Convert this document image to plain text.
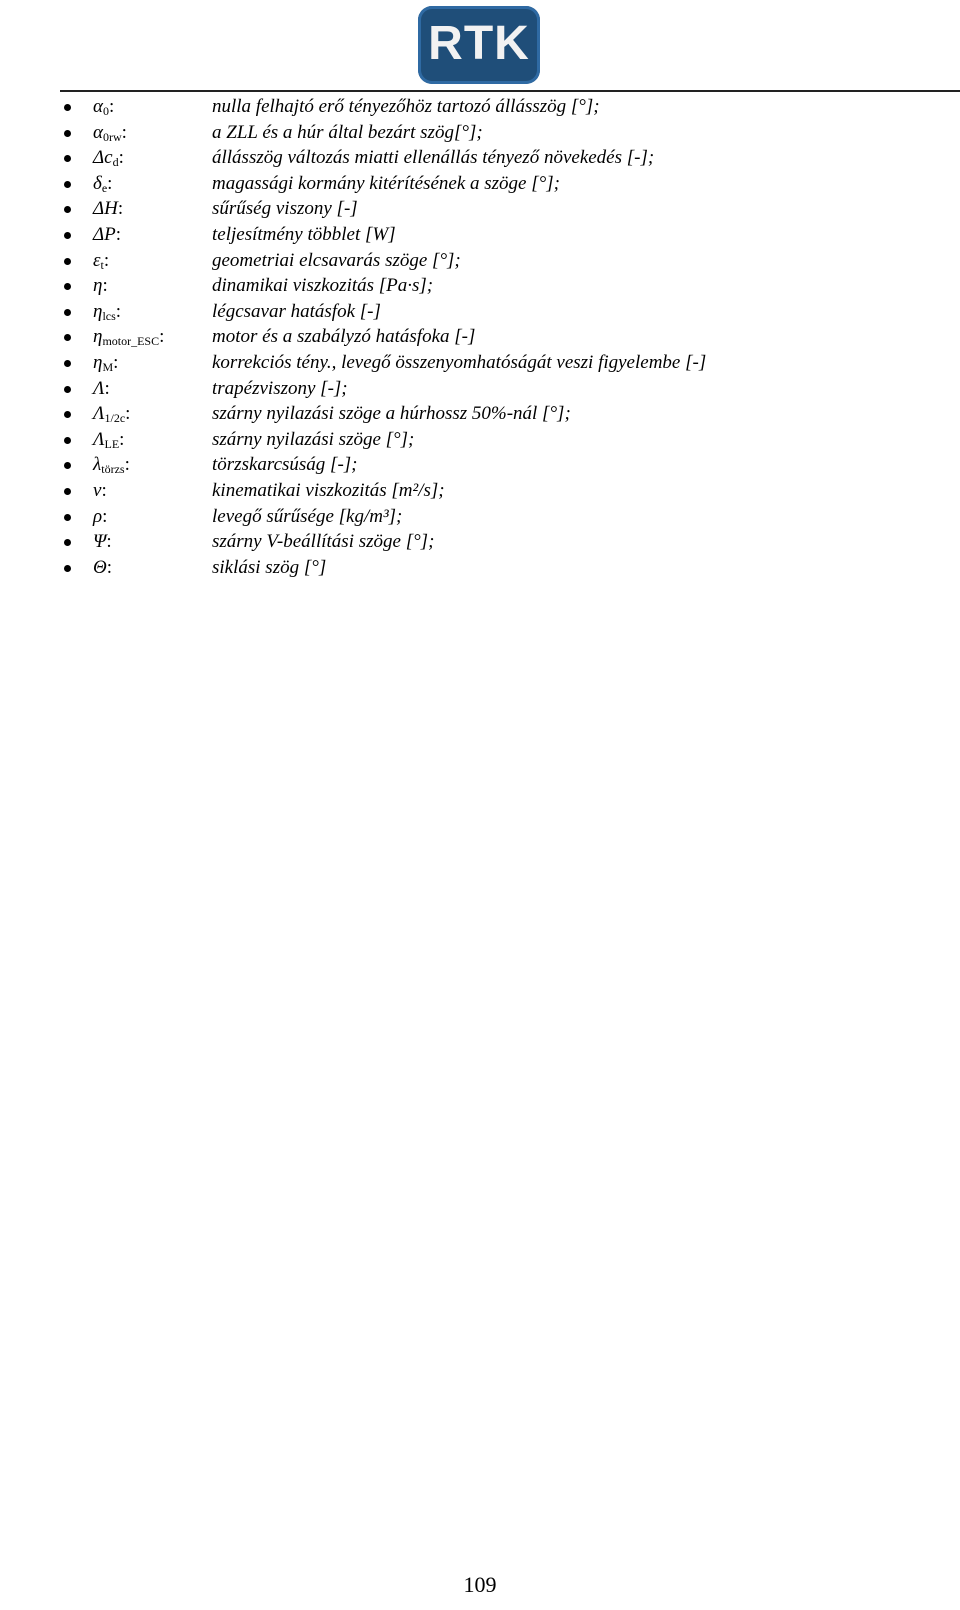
RTK
$\alpha_0$:	nulla felhajtó erő tényezőhöz tartozó állásszög [°];
$\alpha_{0rw}$:	a ZLL és a húr által bezárt szög[°];
$\Delta c_d$:	állásszög változás miatti ellenállás tényező növekedés [-];
$\delta_e$:	magassági kormány kitérítésének a szöge [°];
ΔH:	sűrűség viszony [-]
ΔP:	teljesítmény többlet [W]
$\varepsilon_t$:	geometriai elcsavarás szöge [°];
η:	dinamikai viszkozitás [Pa·s];
$\eta_{lcs}$:	légcsavar hatásfok [-]
$\eta_{motor\_ESC}$:	motor és a szabályzó hatásfoka [-]
$\eta_M$:	korrekciós tény., levegő összenyomhatóságát veszi figyelembe [-]
Λ:	trapézviszony [-];
$\Lambda_{1/2c}$:	szárny nyilazási szöge a húrhossz 50%-nál [°];
$\Lambda_{LE}$:	szárny nyilazási szöge [°];
$\lambda_{törzs}$:	törzskarcsúság [-];
ν:	kinematikai viszkozitás [m²/s];
ρ:	levegő sűrűsége [kg/m³];
Ψ:	szárny V-beállítási szöge [°];
Θ:	siklási szög [°]
109
